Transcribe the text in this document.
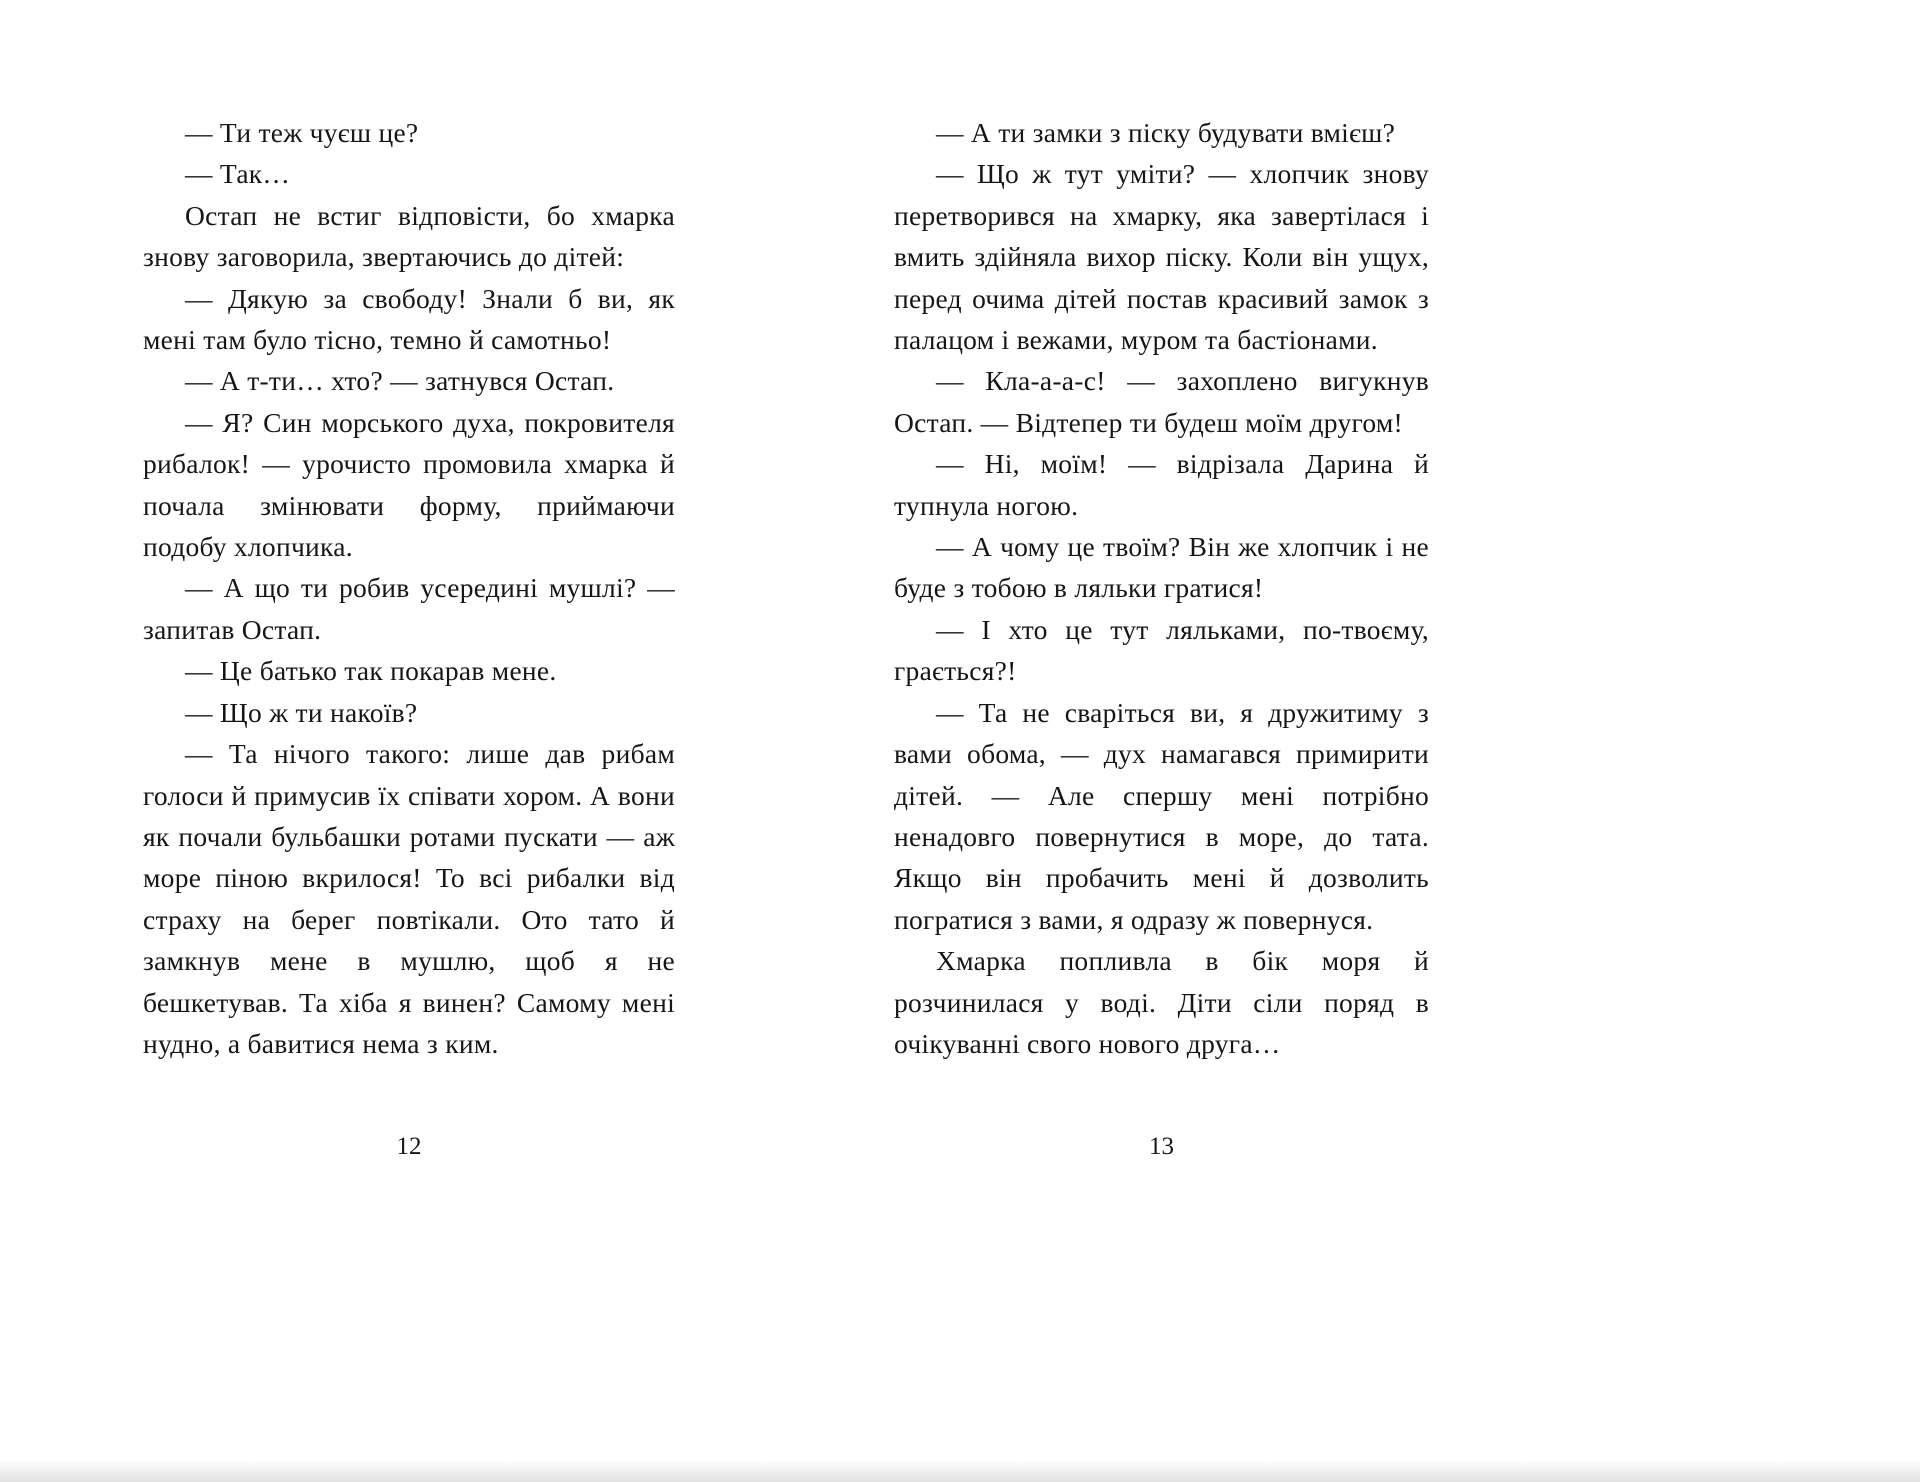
— Ти теж чуєш це?

— Так…

Остап не встиг відповісти, бо хмарка знову заговорила, звертаючись до дітей:

— Дякую за свободу! Знали б ви, як мені там було тісно, темно й самотньо!

— А т-ти… хто? — затнувся Остап.

— Я? Син морського духа, покровителя рибалок! — урочисто промовила хмарка й почала змінювати форму, приймаючи подобу хлопчика.

— А що ти робив усередині мушлі? — запитав Остап.

— Це батько так покарав мене.

— Що ж ти накоїв?

— Та нічого такого: лише дав рибам голоси й примусив їх співати хором. А вони як почали бульбашки ротами пускати — аж море піною вкрилося! То всі рибалки від страху на берег повтікали. Ото тато й замкнув мене в мушлю, щоб я не бешкетував. Та хіба я винен? Самому мені нудно, а бавитися нема з ким.

12

— А ти замки з піску будувати вмієш?

— Що ж тут уміти? — хлопчик знову перетворився на хмарку, яка завертілася і вмить здійняла вихор піску. Коли він ущух, перед очима дітей постав красивий замок з палацом і вежами, муром та бастіонами.

— Кла-а-а-с! — захоплено вигукнув Остап. — Відтепер ти будеш моїм другом!

— Ні, моїм! — відрізала Дарина й тупнула ногою.

— А чому це твоїм? Він же хлопчик і не буде з тобою в ляльки гратися!

— І хто це тут ляльками, по-твоєму, грається?!

— Та не сваріться ви, я дружитиму з вами обома, — дух намагався примирити дітей. — Але спершу мені потрібно ненадовго повернутися в море, до тата. Якщо він пробачить мені й дозволить погратися з вами, я одразу ж повернуся.

Хмарка попливла в бік моря й розчинилася у воді. Діти сіли поряд в очікуванні свого нового друга…

13
